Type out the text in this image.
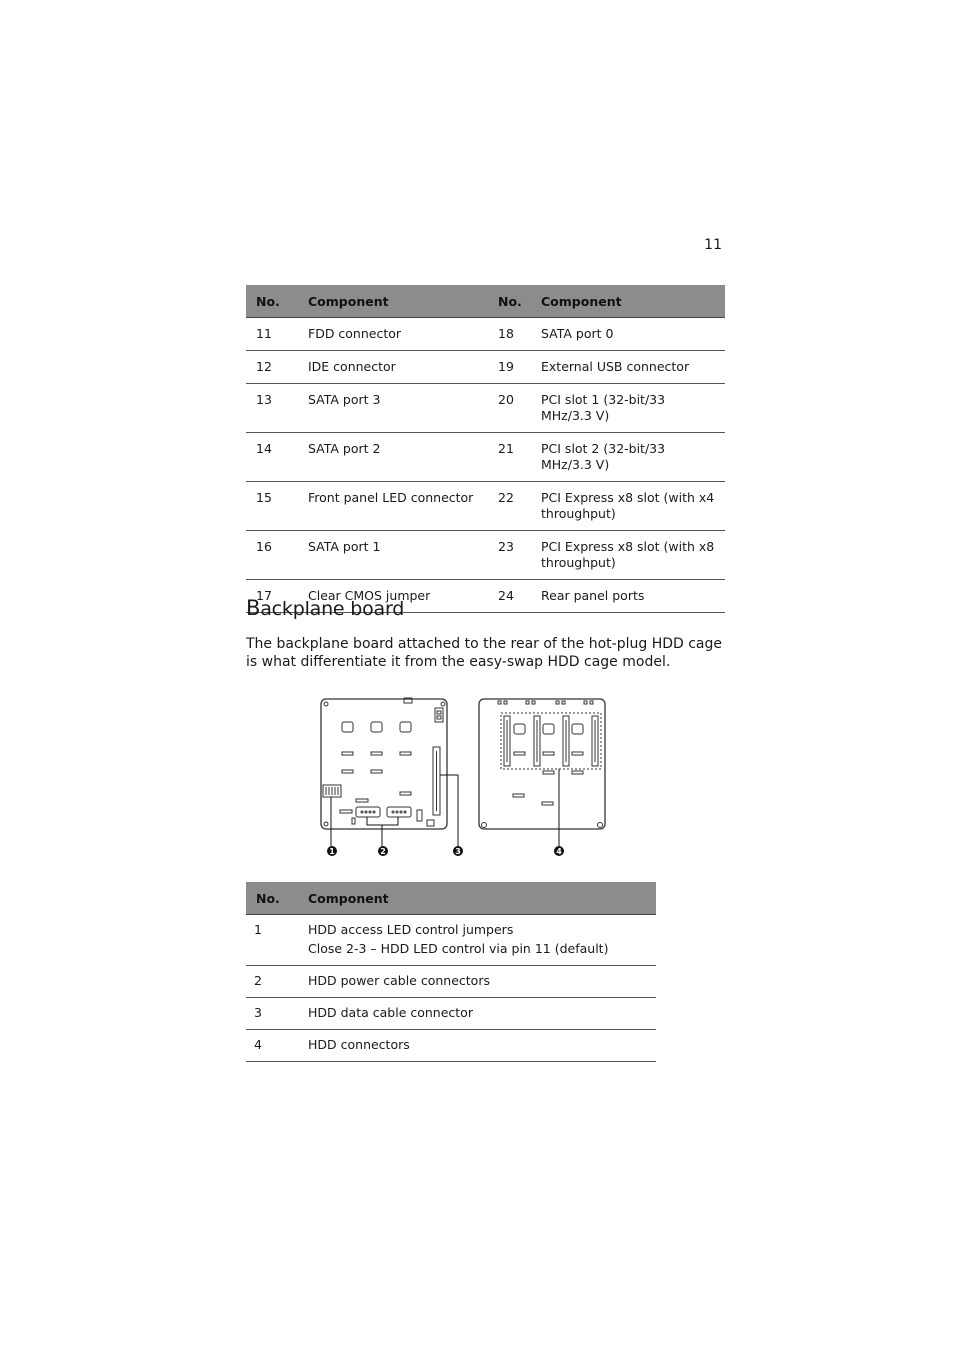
11
No.	Component	No.	Component
11	FDD connector	18	SATA port 0
12	IDE connector	19	External USB connector
13	SATA port 3	20	PCI slot 1 (32-bit/33 MHz/3.3 V)
14	SATA port 2	21	PCI slot 2 (32-bit/33 MHz/3.3 V)
15	Front panel LED connector	22	PCI Express x8 slot (with x4 throughput)
16	SATA port 1	23	PCI Express x8 slot (with x8 throughput)
17	Clear CMOS jumper	24	Rear panel ports
Backplane board

The backplane board attached to the rear of the hot-plug HDD cage is what differentiate it from the easy-swap HDD cage model.

1	2	3	4
No.	Component
1	HDD access LED control jumpers
Close 2-3 – HDD LED control via pin 11 (default)

2	HDD power cable connectors
3	HDD data cable connector
4	HDD connectors
